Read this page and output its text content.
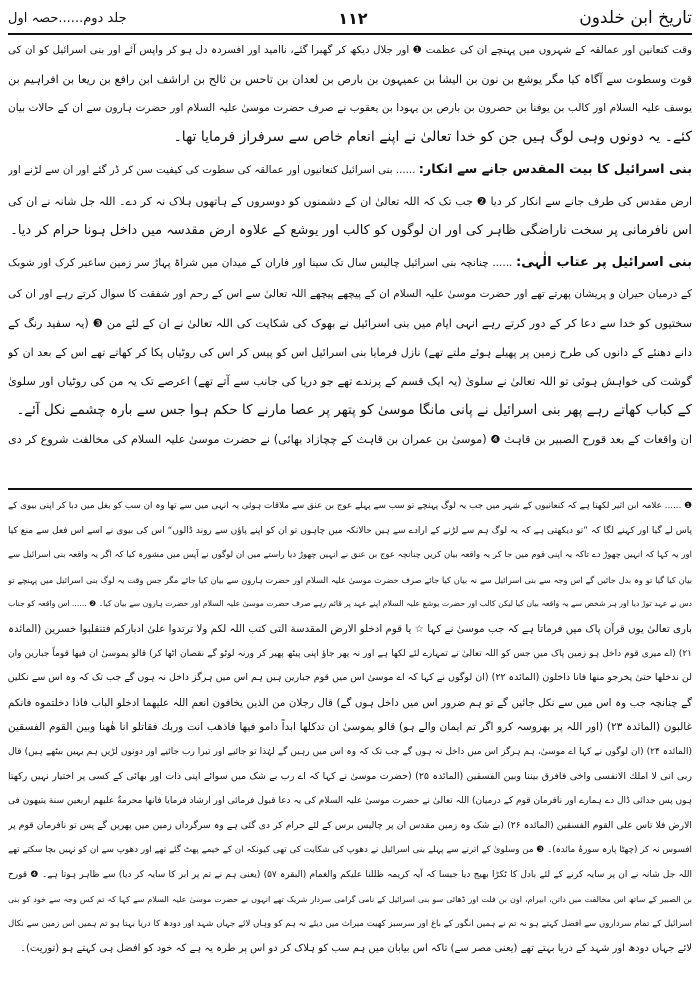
تاریخ ابن خلدون
۱۱۲
جلد دوم......حصہ اول
وقت کنعانین اور عمالقہ کے شہروں میں پہنچے ان کی عظمت ❶ اور جلال دیکھ کر گھبرا گئے، ناامید اور افسردہ دل ہو کر واپس آئے اور بنی اسرائیل کو ان کی
قوت وسطوت سے آگاہ کیا مگر یوشع بن نون بن الیشا بن عمیہون بن بارص بن لعدان بن تاحس بن ثالح بن اراشف ابن رافع بن ریعا بن افراہیم بن
یوسف علیہ السلام اور کالب بن یوفنا بن حصرون بن بارص بن یہودا بن یعقوب نے صرف حضرت موسیٰ علیہ السلام اور حضرت ہارون سے ان کے حالات بیان
کئے۔ یہ دونوں وہی لوگ ہیں جن کو خدا تعالیٰ نے اپنے انعام خاص سے سرفراز فرمایا تھا۔
بنی اسرائیل کا بیت المقدس جانے سے انکار: ...... بنی اسرائیل کنعانیوں اور عمالقہ کی سطوت کی کیفیت سن کر ڈر گئے اور ان سے لڑنے اور
ارض مقدس کی طرف جانے سے انکار کر دیا ❷ جب تک کہ اللہ تعالیٰ ان کے دشمنوں کو دوسروں کے ہاتھوں ہلاک نہ کر دے۔ اللہ جل شانہ نے ان کی
اس نافرمانی پر سخت ناراضگی ظاہر کی اور ان لوگوں کو کالب اور یوشع کے علاوہ ارض مقدسہ میں داخل ہونا حرام کر دیا۔
بنی اسرائیل پر عتاب الٰہی: ...... چنانچہ بنی اسرائیل چالیس سال تک سینا اور فاران کے میدان میں شراۃ پہاڑ سر زمین ساعیر کرک اور شوبک
کے درمیان حیران و پریشان پھرتے تھے اور حضرت موسیٰ علیہ السلام ان کے پیچھے پیچھے اللہ تعالیٰ سے اس کے رحم اور شفقت کا سوال کرتے رہے اور ان کی
سختیوں کو خدا سے دعا کر کے دور کرتے رہے انہی ایام میں بنی اسرائیل نے بھوک کی شکایت کی اللہ تعالیٰ نے ان کے لئے من ❸ (یہ سفید رنگ کے
دانے دھنئے کے دانوں کی طرح زمین پر پھیلے ہوئے ملتے تھے) نازل فرمایا بنی اسرائیل اس کو پیس کر اس کی روٹیاں پکا کر کھاتے تھے اس کے بعد ان کو
گوشت کی خواہش ہوئی تو اللہ تعالیٰ نے سلویٰ (یہ ایک قسم کے پرندے تھے جو دریا کی جانب سے آتے تھے) اعرصے تک یہ من کی روٹیاں اور سلویٰ
کے کباب کھاتے رہے پھر بنی اسرائیل نے پانی مانگا موسیٰ کو پتھر پر عصا مارنے کا حکم ہوا جس سے بارہ چشمے نکل آئے۔
ان واقعات کے بعد قورح الصبیر بن قاہث ❹ (موسیٰ بن عمران بن قاہث کے چچازاد بھائی) نے حضرت موسیٰ علیہ السلام کی مخالفت شروع کر دی
❶ ...... علامہ ابن اثیر لکھتا ہے کہ کنعانیوں کے شہر میں جب یہ لوگ پہنچے تو سب سے پہلے عوج بن عنق سے ملاقات ہوئی یہ انہی میں سے تھا وہ ان سب کو بغل میں دبا کر اپنی بیوی کے
پاس لے گیا اور کہنے لگا کہ ”تو دیکھتی ہے کہ یہ لوگ ہم سے لڑنے کے ارادے سے ہیں حالانکہ میں چاہوں تو ان کو اپنے پاؤں سے روند ڈالوں“ اس کی بیوی نے اسے اس فعل سے منع کیا
اور یہ کہا کہ انہیں چھوڑ دے تاکہ یہ اپنی قوم میں جا کر یہ واقعہ بیان کریں چنانچہ عوج بن عنق نے انہیں چھوڑ دیا راستے میں ان لوگوں نے آپس میں مشورہ کیا کہ اگر یہ واقعہ بنی اسرائیل سے
بیان کیا گیا تو وہ بدل جائیں گے اس وجہ سے بنی اسرائیل سے نہ بیان کیا جائے صرف حضرت موسیٰ علیہ السلام اور حضرت ہارون سے بیان کیا جائے مگر جس وقت یہ لوگ بنی اسرائیل میں پہنچے تو
دس نے عہد توڑ دیا اور ہر شخص سے یہ واقعہ بیان کیا لیکن کالب اور حضرت یوشع علیہ السلام اپنے عہد پر قائم رہے صرف حضرت موسیٰ علیہ السلام اور حضرت ہارون سے بیان کیا۔ ❷ ...... اس واقعہ کو جناب
باری تعالیٰ یوں قرآن پاک میں فرماتا ہے کہ جب موسیٰ نے کہا ☆ یا قوم ادخلو الارض المقدسة التی کتب اللہ لکم ولا ترتدوا علیٰ ادبارکم فتنقلبوا خسرین (المائدہ
۲۱) (اے میری قوم داخل ہو زمین پاک میں جس کو اللہ تعالیٰ نے تمہارے لئے لکھا ہے اور نہ پھر جاؤ اپنی پیٹھ پھیر کر ورنہ لوٹو گے نقصان اٹھا کر) قالو یموسیٰ ان فیها قوماً جبارین وان
لن ندخلها حتیٰ یخرجو منها فانا داخلون (المائدہ ۲۲) (ان لوگوں نے کہا کہ اے موسیٰ اس میں قوم جبارین ہیں ہم اس میں ہرگز داخل نہ ہوں گے جب تک کہ وہ اس سے نکلیں
گے چنانچہ جب وہ اس میں سے نکل جائیں گے تو ہم ضرور اس میں داخل ہوں گے) قال رجلان من الذین یخافون انعم اللہ علیهما ادخلو الباب فاذا دخلتموه فانکم
غالبون (المائدہ ۲۳) (اور اللہ پر بھروسہ کرو اگر تم ایمان والے ہو) قالو یموسیٰ ان تدکلها ابداً دامو فیها فاذهب انت وربك فقاتلو انا هٰهنا وبین القوم الفسقین
(المائدہ ۲۴) (ان لوگوں نے کہا اے موسیٰ، ہم ہرگز اس میں داخل نہ ہوں گے جب تک کہ وہ اس میں رہیں گے لہٰذا تو جائیے اور تیرا رب جائیے اور دونوں لڑیں ہم یہیں بیٹھے ہیں) قال
ربی انی لا املك الانفسی واخی فافرق بیننا وبین الفسقین (المائدہ ۲۵) (حضرت موسیٰ نے کہا کہ اے رب بے شک میں سوائے اپنی ذات اور بھائی کے کسی پر اختیار نہیں رکھتا
ہوں پس جدائی ڈال دے ہمارے اور نافرمان قوم کے درمیان) اللہ تعالیٰ نے حضرت موسیٰ علیہ السلام کی یہ دعا قبول فرمائی اور ارشاد فرمایا فانها محرمةٌ علیهم اربعین سنة یتیهون فی
الارض فلا تاس علی القوم الفسقین (المائدہ ۲۶) (بے شک وہ زمین مقدس ان پر چالیس برس کے لئے حرام کر دی گئی ہے وہ سرگرداں زمین میں پھریں گے پس تو نافرمان قوم پر
افسوس نہ کر (چھٹا پارہ سورۂ مائدہ)۔ ❸ من وسلویٰ کے اترنے سے پہلے بنی اسرائیل نے دھوپ کی شکایت کی تھی کیونکہ ان کے خیمے پھٹ گئے تھے اور دھوپ سے ان کو نہیں بچا سکتے تھے
اللہ جل شانہ نے ان پر سایہ کرنے کے لئے بادل کا ٹکڑا بھیج دیا جیسا کہ آیہ کریمہ ظللنا علیکم والغمام (البقرہ ۵۷) (یعنی ہم نے تم پر ابر کا سایہ کر دیا) سے ظاہر ہوتا ہے۔ ❹ قورح
بن الصبیر کے ساتھ اس مخالفت میں داتن، ابیرام، اون بن فلت اور ڈھائی سو بنی اسرائیل کے نامی گرامی سردار شریک تھے انہوں نے حضرت موسیٰ علیہ السلام سے کہا کہ تم کس وجہ سے خود کو بنی
اسرائیل کے تمام سرداروں سے افضل کہتے ہو نہ تم نے ہمیں انگور کے باغ اور سرسبز کھیت میراث میں دیئے نہ ہم کو وہاں لائے جہاں شہد اور دودھ کا دریا بہتا ہو تم ہمیں اس زمین سے نکال
لائے جہاں دودھ اور شہد کے دریا بہتے تھے (یعنی مصر سے) تاکہ اس بیابان میں ہم سب کو ہلاک کر دو اس پر طرہ یہ ہے کہ خود کو افضل ہی کہتے ہو (توریت)۔
